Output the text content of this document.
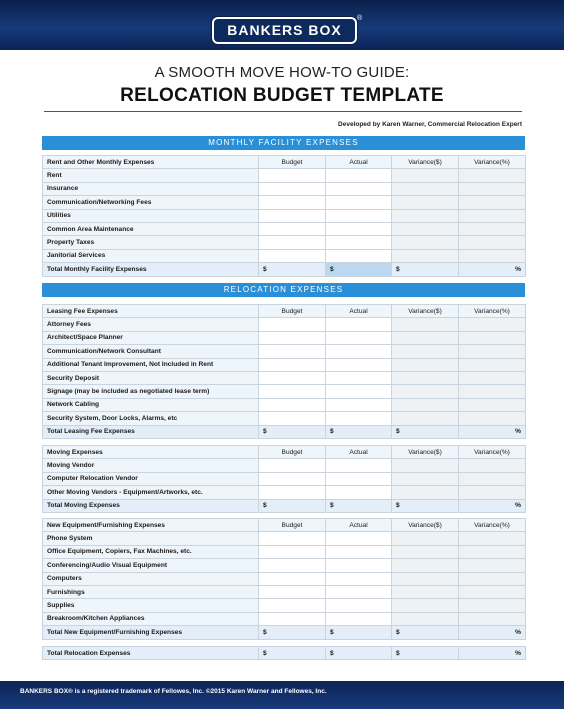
BANKERS BOX
®
A SMOOTH MOVE HOW-TO GUIDE:
RELOCATION BUDGET TEMPLATE
Developed by Karen Warner, Commercial Relocation Expert
MONTHLY FACILITY EXPENSES
Rent and Other Monthly Expenses	Budget	Actual	Variance($)	Variance(%)
Rent				
Insurance				
Communication/Networking Fees				
Utilities				
Common Area Maintenance				
Property Taxes				
Janitorial Services				
Total Monthly Facility Expenses	$	$	$	%
RELOCATION EXPENSES
Leasing Fee Expenses	Budget	Actual	Variance($)	Variance(%)
Attorney Fees				
Architect/Space Planner				
Communication/Network Consultant				
Additional Tenant Improvement, Not Included in Rent				
Security Deposit				
Signage (may be included as negotiated lease term)				
Network Cabling				
Security System, Door Locks, Alarms, etc				
Total Leasing Fee Expenses	$	$	$	%
Moving Expenses	Budget	Actual	Variance($)	Variance(%)
Moving Vendor				
Computer Relocation Vendor				
Other Moving Vendors - Equipment/Artworks, etc.				
Total Moving Expenses	$	$	$	%
New Equipment/Furnishing Expenses	Budget	Actual	Variance($)	Variance(%)
Phone System				
Office Equipment, Copiers, Fax Machines, etc.				
Conferencing/Audio Visual Equipment				
Computers				
Furnishings				
Supplies				
Breakroom/Kitchen Appliances				
Total New Equipment/Furnishing Expenses	$	$	$	%
Total Relocation Expenses	$	$	$	%
BANKERS BOX® is a registered trademark of Fellowes, Inc. ©2015 Karen Warner and Fellowes, Inc.
